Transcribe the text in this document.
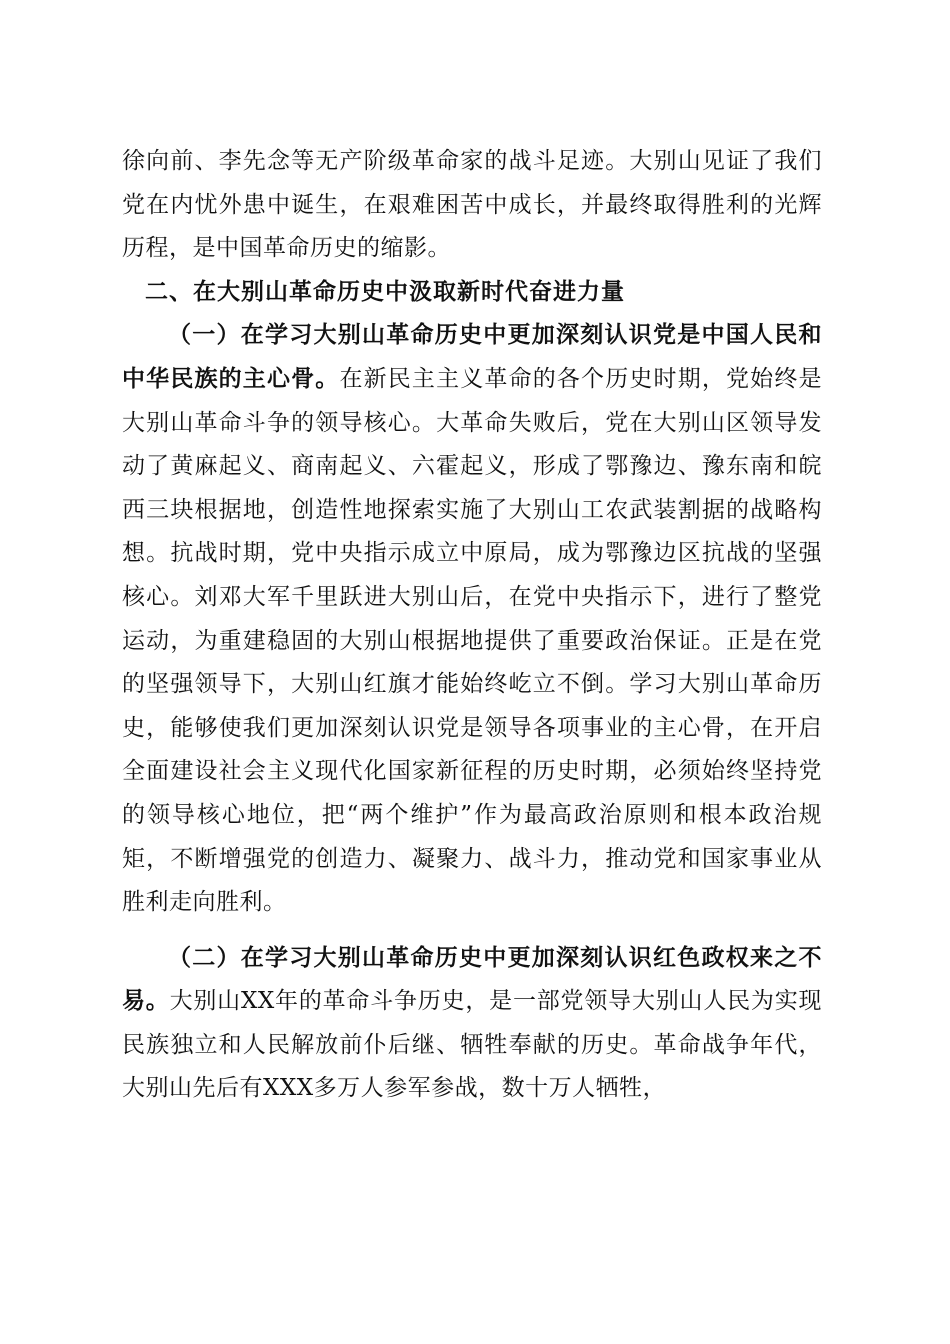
徐向前、李先念等无产阶级革命家的战斗足迹。大别山见证了我们党在内忧外患中诞生，在艰难困苦中成长，并最终取得胜利的光辉历程，是中国革命历史的缩影。

二、在大别山革命历史中汲取新时代奋进力量

（一）在学习大别山革命历史中更加深刻认识党是中国人民和中华民族的主心骨。在新民主主义革命的各个历史时期，党始终是大别山革命斗争的领导核心。大革命失败后，党在大别山区领导发动了黄麻起义、商南起义、六霍起义，形成了鄂豫边、豫东南和皖西三块根据地，创造性地探索实施了大别山工农武装割据的战略构想。抗战时期，党中央指示成立中原局，成为鄂豫边区抗战的坚强核心。刘邓大军千里跃进大别山后，在党中央指示下，进行了整党运动，为重建稳固的大别山根据地提供了重要政治保证。正是在党的坚强领导下，大别山红旗才能始终屹立不倒。学习大别山革命历史，能够使我们更加深刻认识党是领导各项事业的主心骨，在开启全面建设社会主义现代化国家新征程的历史时期，必须始终坚持党的领导核心地位，把“两个维护”作为最高政治原则和根本政治规矩，不断增强党的创造力、凝聚力、战斗力，推动党和国家事业从胜利走向胜利。

（二）在学习大别山革命历史中更加深刻认识红色政权来之不易。大别山XX年的革命斗争历史，是一部党领导大别山人民为实现民族独立和人民解放前仆后继、牺牲奉献的历史。革命战争年代，大别山先后有XXX多万人参军参战，数十万人牺牲，
